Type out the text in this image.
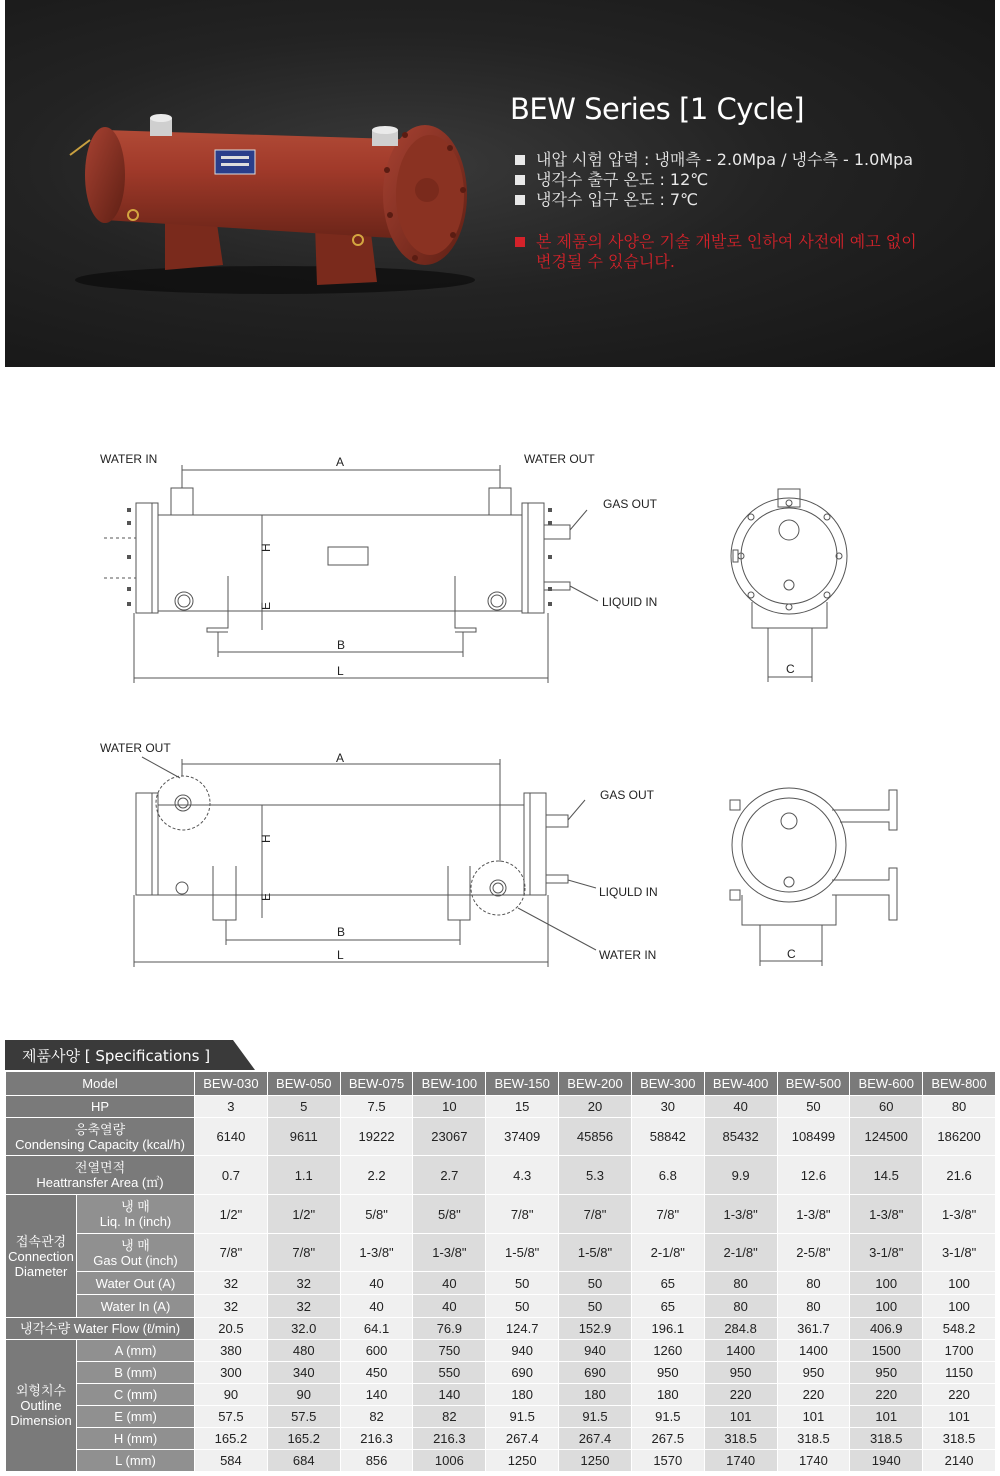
BEW Series [1 Cycle]
내압 시험 압력 : 냉매측 - 2.0Mpa / 냉수측 - 1.0Mpa
냉각수 출구 온도 : 12℃
냉각수 입구 온도 : 7℃
본 제품의 사양은 기술 개발로 인하여 사전에 예고 없이
변경될 수 있습니다.
WATER IN	WATER OUT
GAS OUT
LIQUID IN
A
B
L
H
E
C
WATER OUT
GAS OUT
LIQULD IN
WATER IN
A
B
L
H
E
C
제품사양 [ Specifications ]
Model		BEW-030	BEW-050	BEW-075	BEW-100	BEW-150	BEW-200	BEW-300	BEW-400	BEW-500	BEW-600	BEW-800
HP		3	5	7.5	10	15	20	30	40	50	60	80
응축열량
Condensing Capacity (kcal/h)		6140	9611	19222	23067	37409	45856	58842	85432	108499	124500	186200
전열면적
Heattransfer Area (㎡)		0.7	1.1	2.2	2.7	4.3	5.3	6.8	9.9	12.6	14.5	21.6
접속관경
Connection
Diameter	냉 매
Liq. In (inch)	1/2"	1/2"	5/8"	5/8"	7/8"	7/8"	7/8"	1-3/8"	1-3/8"	1-3/8"	1-3/8"
	냉 매
Gas Out (inch)	7/8"	7/8"	1-3/8"	1-3/8"	1-5/8"	1-5/8"	2-1/8"	2-1/8"	2-5/8"	3-1/8"	3-1/8"
	Water Out (A)	32	32	40	40	50	50	65	80	80	100	100
	Water In (A)	32	32	40	40	50	50	65	80	80	100	100
냉각수량 Water Flow (ℓ/min)		20.5	32.0	64.1	76.9	124.7	152.9	196.1	284.8	361.7	406.9	548.2
외형치수
Outline
Dimension	A (mm)	380	480	600	750	940	940	1260	1400	1400	1500	1700
	B (mm)	300	340	450	550	690	690	950	950	950	950	1150
	C (mm)	90	90	140	140	180	180	180	220	220	220	220
	E (mm)	57.5	57.5	82	82	91.5	91.5	91.5	101	101	101	101
	H (mm)	165.2	165.2	216.3	216.3	267.4	267.4	267.5	318.5	318.5	318.5	318.5
	L (mm)	584	684	856	1006	1250	1250	1570	1740	1740	1940	2140
